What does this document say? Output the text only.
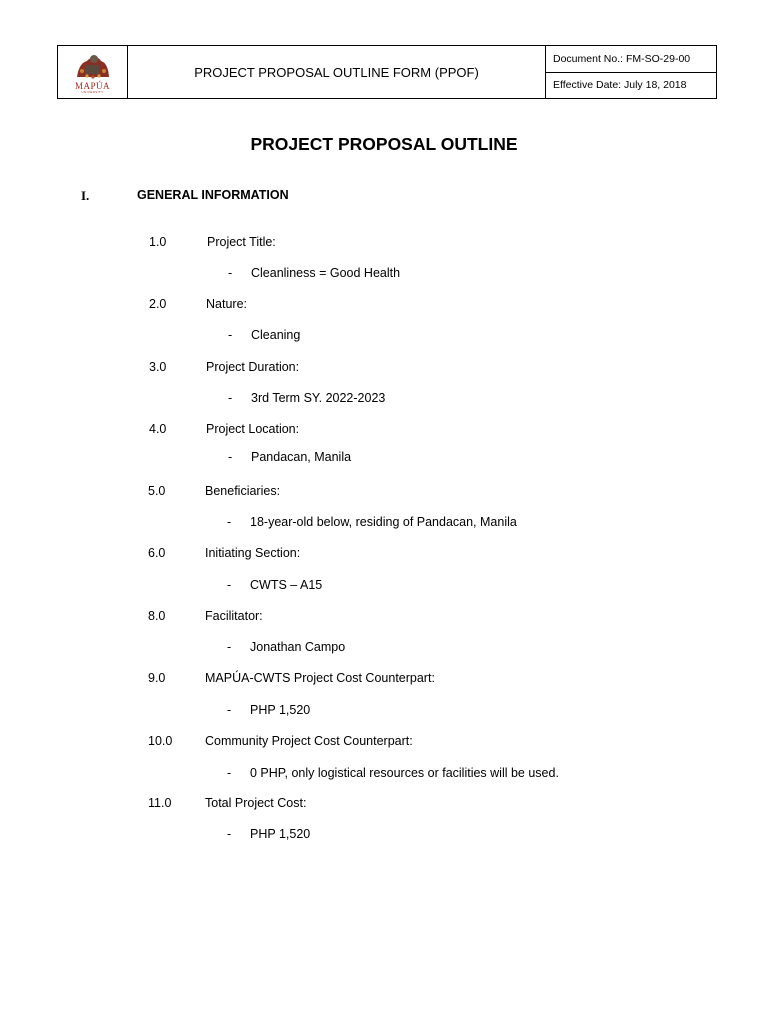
MAPÚA
UNIVERSITY
PROJECT PROPOSAL OUTLINE FORM (PPOF)
Document No.: FM-SO-29-00
Effective Date: July 18, 2018
PROJECT PROPOSAL OUTLINE
I.	GENERAL INFORMATION
1.0	Project Title:
- Cleanliness = Good Health
2.0	Nature:
- Cleaning
3.0	Project Duration:
- 3rd Term SY. 2022-2023
4.0	Project Location:
- Pandacan, Manila
5.0	Beneficiaries:
- 18-year-old below, residing of Pandacan, Manila
6.0	Initiating Section:
- CWTS – A15
8.0	Facilitator:
- Jonathan Campo
9.0	MAPÚA-CWTS Project Cost Counterpart:
- PHP 1,520
10.0	Community Project Cost Counterpart:
- 0 PHP, only logistical resources or facilities will be used.
11.0	Total Project Cost:
- PHP 1,520
